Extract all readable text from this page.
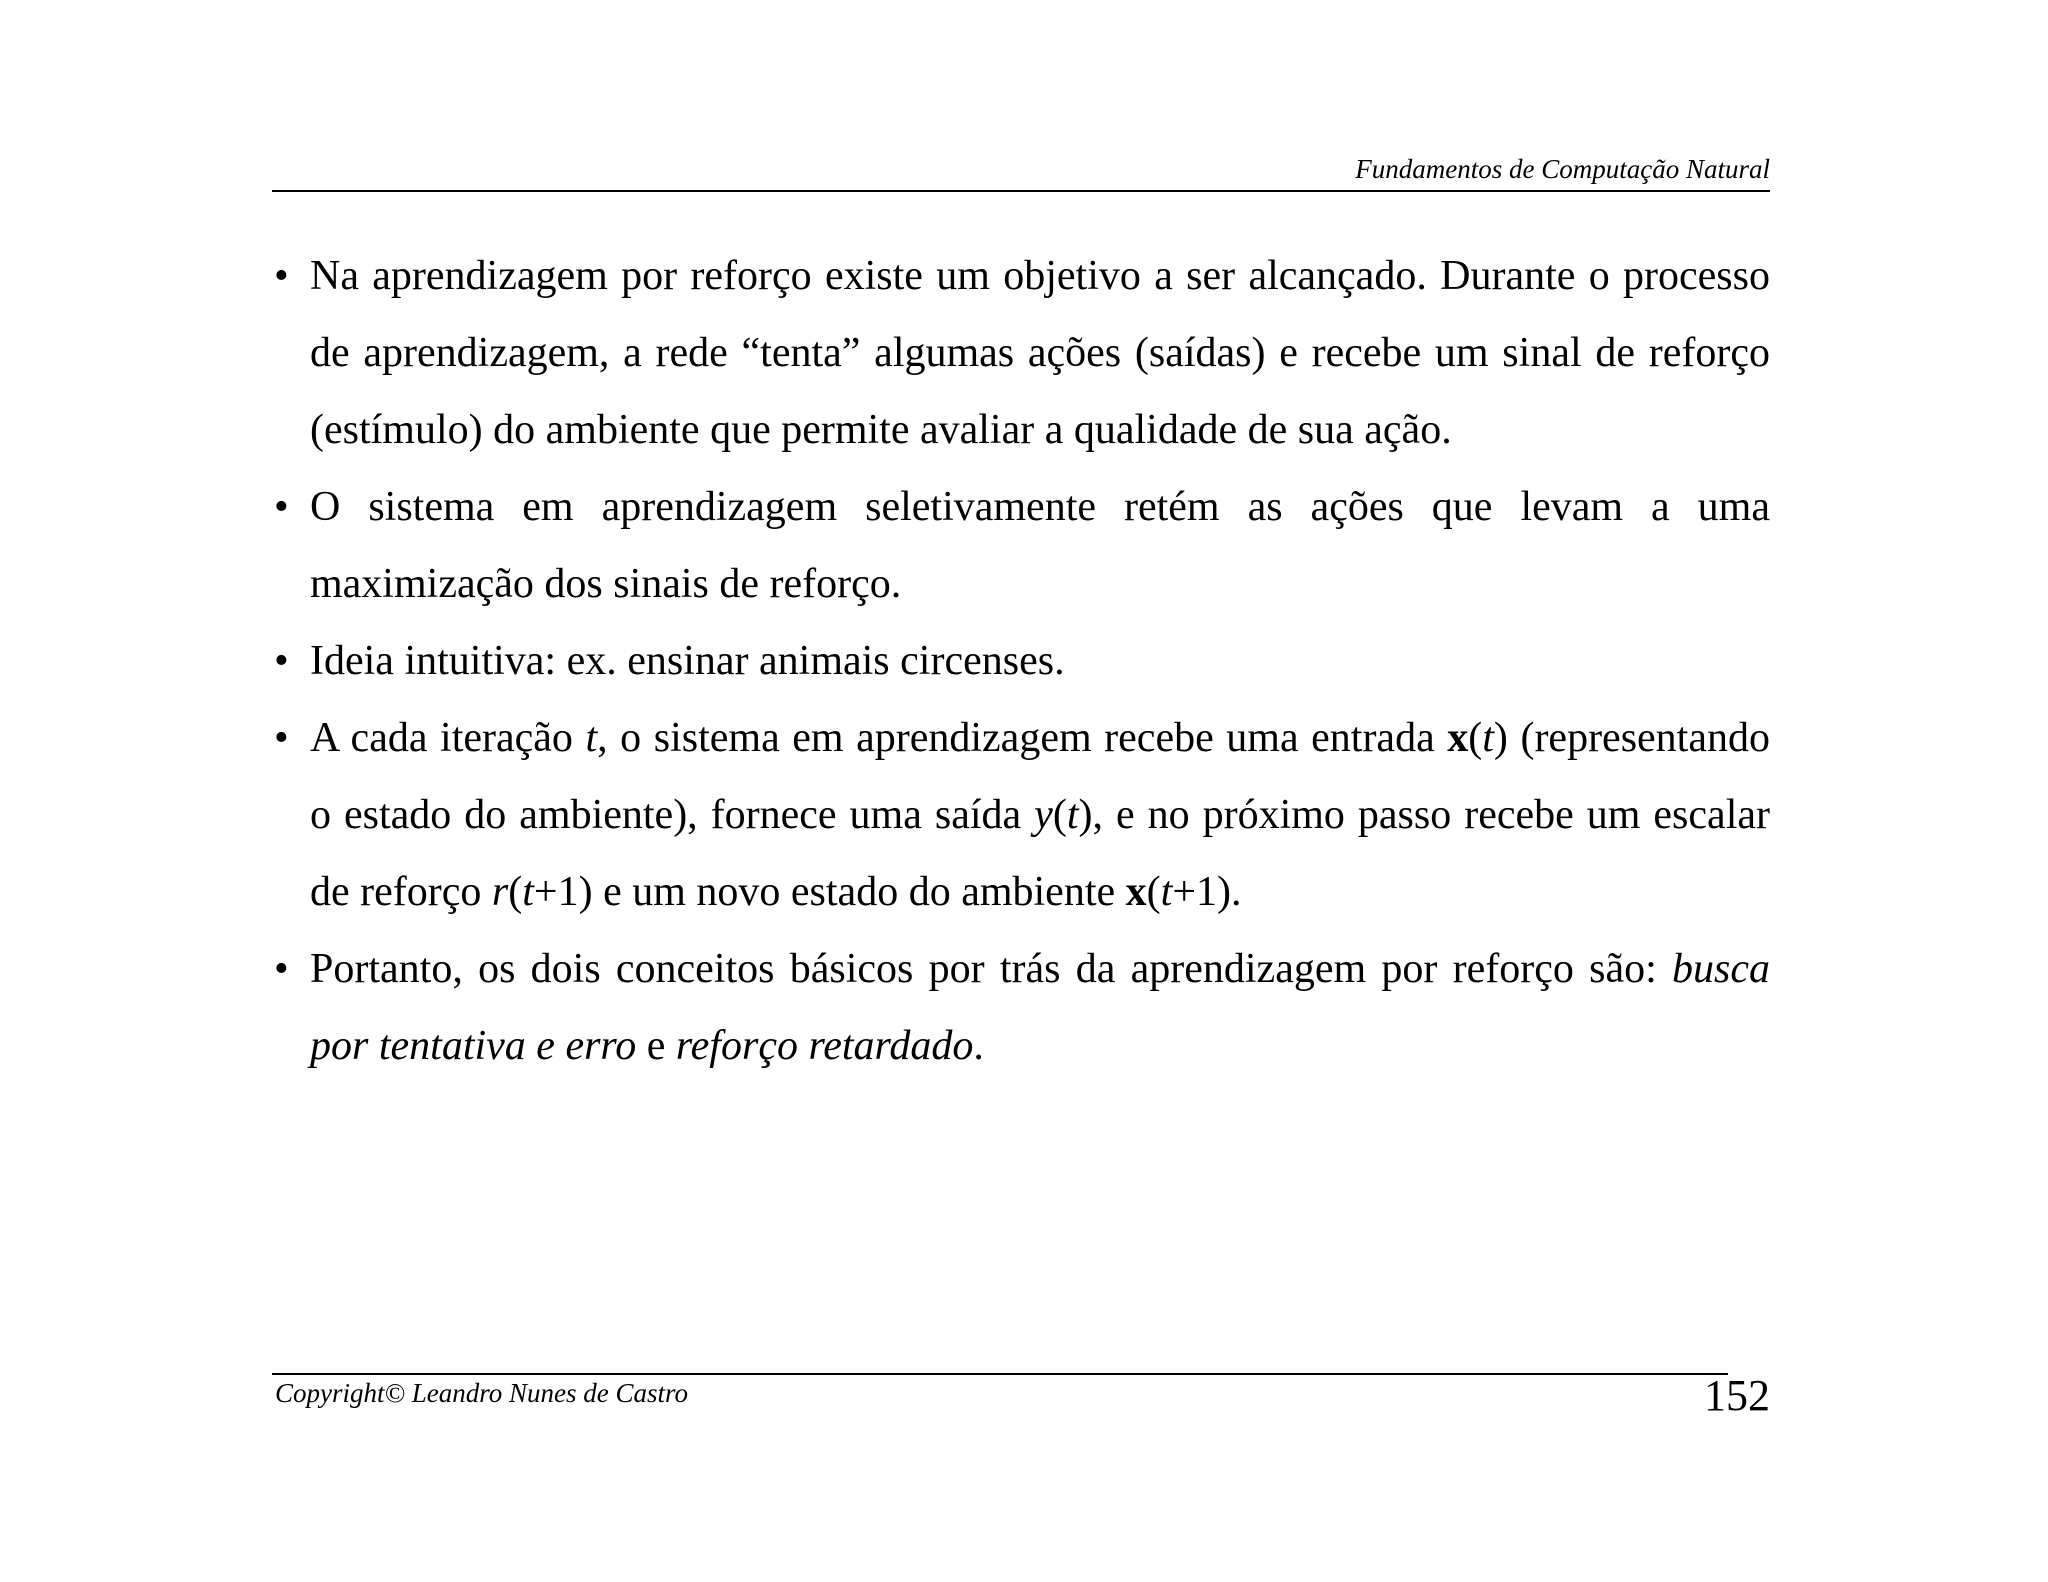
Fundamentos de Computação Natural
• Na aprendizagem por reforço existe um objetivo a ser alcançado. Durante o processo de aprendizagem, a rede “tenta” algumas ações (saídas) e recebe um sinal de reforço (estímulo) do ambiente que permite avaliar a qualidade de sua ação.
• O sistema em aprendizagem seletivamente retém as ações que levam a uma maximização dos sinais de reforço.
• Ideia intuitiva: ex. ensinar animais circenses.
• A cada iteração t, o sistema em aprendizagem recebe uma entrada x(t) (representando o estado do ambiente), fornece uma saída y(t), e no próximo passo recebe um escalar de reforço r(t+1) e um novo estado do ambiente x(t+1).
• Portanto, os dois conceitos básicos por trás da aprendizagem por reforço são: busca por tentativa e erro e reforço retardado.
Copyright© Leandro Nunes de Castro	152
